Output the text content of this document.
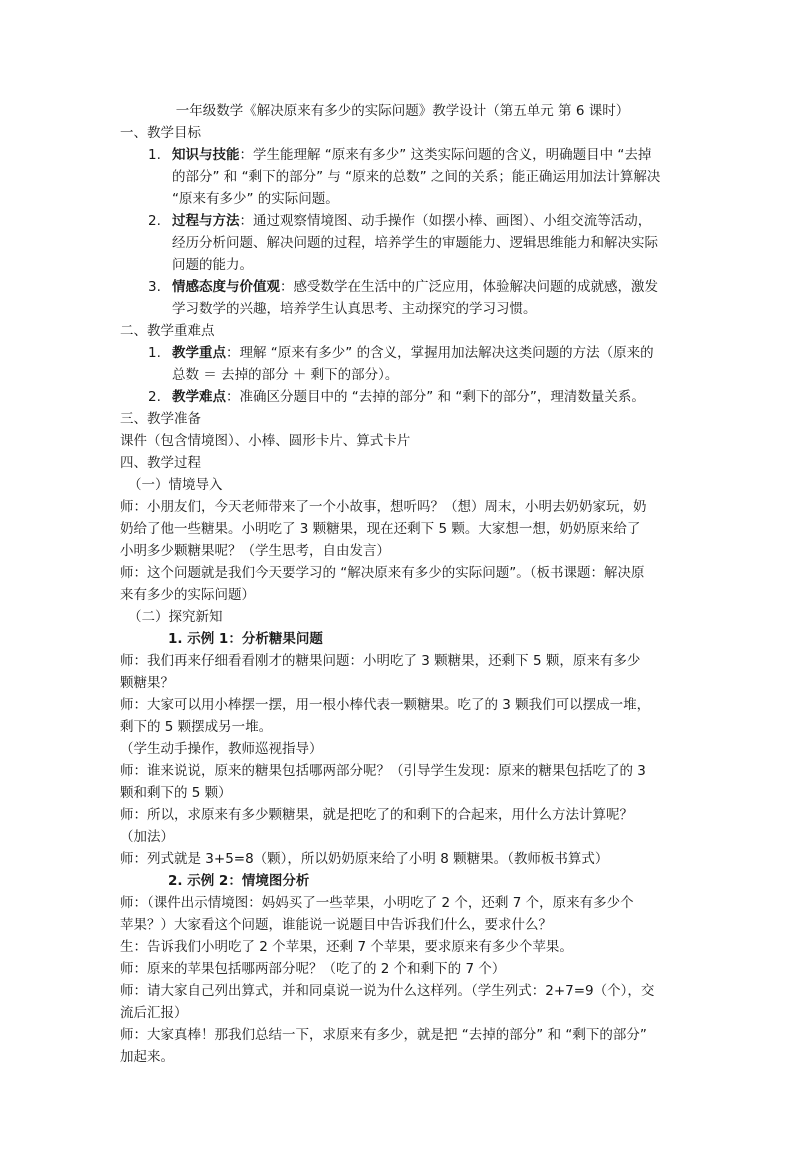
一年级数学《解决原来有多少的实际问题》教学设计（第五单元 第 6 课时）
一、教学目标
1. 知识与技能：学生能理解 “原来有多少” 这类实际问题的含义，明确题目中 “去掉
的部分” 和 “剩下的部分” 与 “原来的总数” 之间的关系；能正确运用加法计算解决
“原来有多少” 的实际问题。
2. 过程与方法：通过观察情境图、动手操作（如摆小棒、画图）、小组交流等活动，
经历分析问题、解决问题的过程，培养学生的审题能力、逻辑思维能力和解决实际
问题的能力。
3. 情感态度与价值观：感受数学在生活中的广泛应用，体验解决问题的成就感，激发
学习数学的兴趣，培养学生认真思考、主动探究的学习习惯。
二、教学重难点
1. 教学重点：理解 “原来有多少” 的含义，掌握用加法解决这类问题的方法（原来的
总数 ＝ 去掉的部分 ＋ 剩下的部分）。
2. 教学难点：准确区分题目中的 “去掉的部分” 和 “剩下的部分”，理清数量关系。
三、教学准备
课件（包含情境图）、小棒、圆形卡片、算式卡片
四、教学过程
（一）情境导入
师：小朋友们，今天老师带来了一个小故事，想听吗？（想）周末，小明去奶奶家玩，奶
奶给了他一些糖果。小明吃了 3 颗糖果，现在还剩下 5 颗。大家想一想，奶奶原来给了
小明多少颗糖果呢？（学生思考，自由发言）
师：这个问题就是我们今天要学习的 “解决原来有多少的实际问题”。（板书课题：解决原
来有多少的实际问题）
（二）探究新知
1. 示例 1：分析糖果问题
师：我们再来仔细看看刚才的糖果问题：小明吃了 3 颗糖果，还剩下 5 颗，原来有多少
颗糖果？
师：大家可以用小棒摆一摆，用一根小棒代表一颗糖果。吃了的 3 颗我们可以摆成一堆，
剩下的 5 颗摆成另一堆。
（学生动手操作，教师巡视指导）
师：谁来说说，原来的糖果包括哪两部分呢？（引导学生发现：原来的糖果包括吃了的 3
颗和剩下的 5 颗）
师：所以，求原来有多少颗糖果，就是把吃了的和剩下的合起来，用什么方法计算呢？
（加法）
师：列式就是 3+5=8（颗），所以奶奶原来给了小明 8 颗糖果。（教师板书算式）
2. 示例 2：情境图分析
师：（课件出示情境图：妈妈买了一些苹果，小明吃了 2 个，还剩 7 个，原来有多少个
苹果？）大家看这个问题，谁能说一说题目中告诉我们什么，要求什么？
生：告诉我们小明吃了 2 个苹果，还剩 7 个苹果，要求原来有多少个苹果。
师：原来的苹果包括哪两部分呢？（吃了的 2 个和剩下的 7 个）
师：请大家自己列出算式，并和同桌说一说为什么这样列。（学生列式：2+7=9（个），交
流后汇报）
师：大家真棒！那我们总结一下，求原来有多少，就是把 “去掉的部分” 和 “剩下的部分”
加起来。
